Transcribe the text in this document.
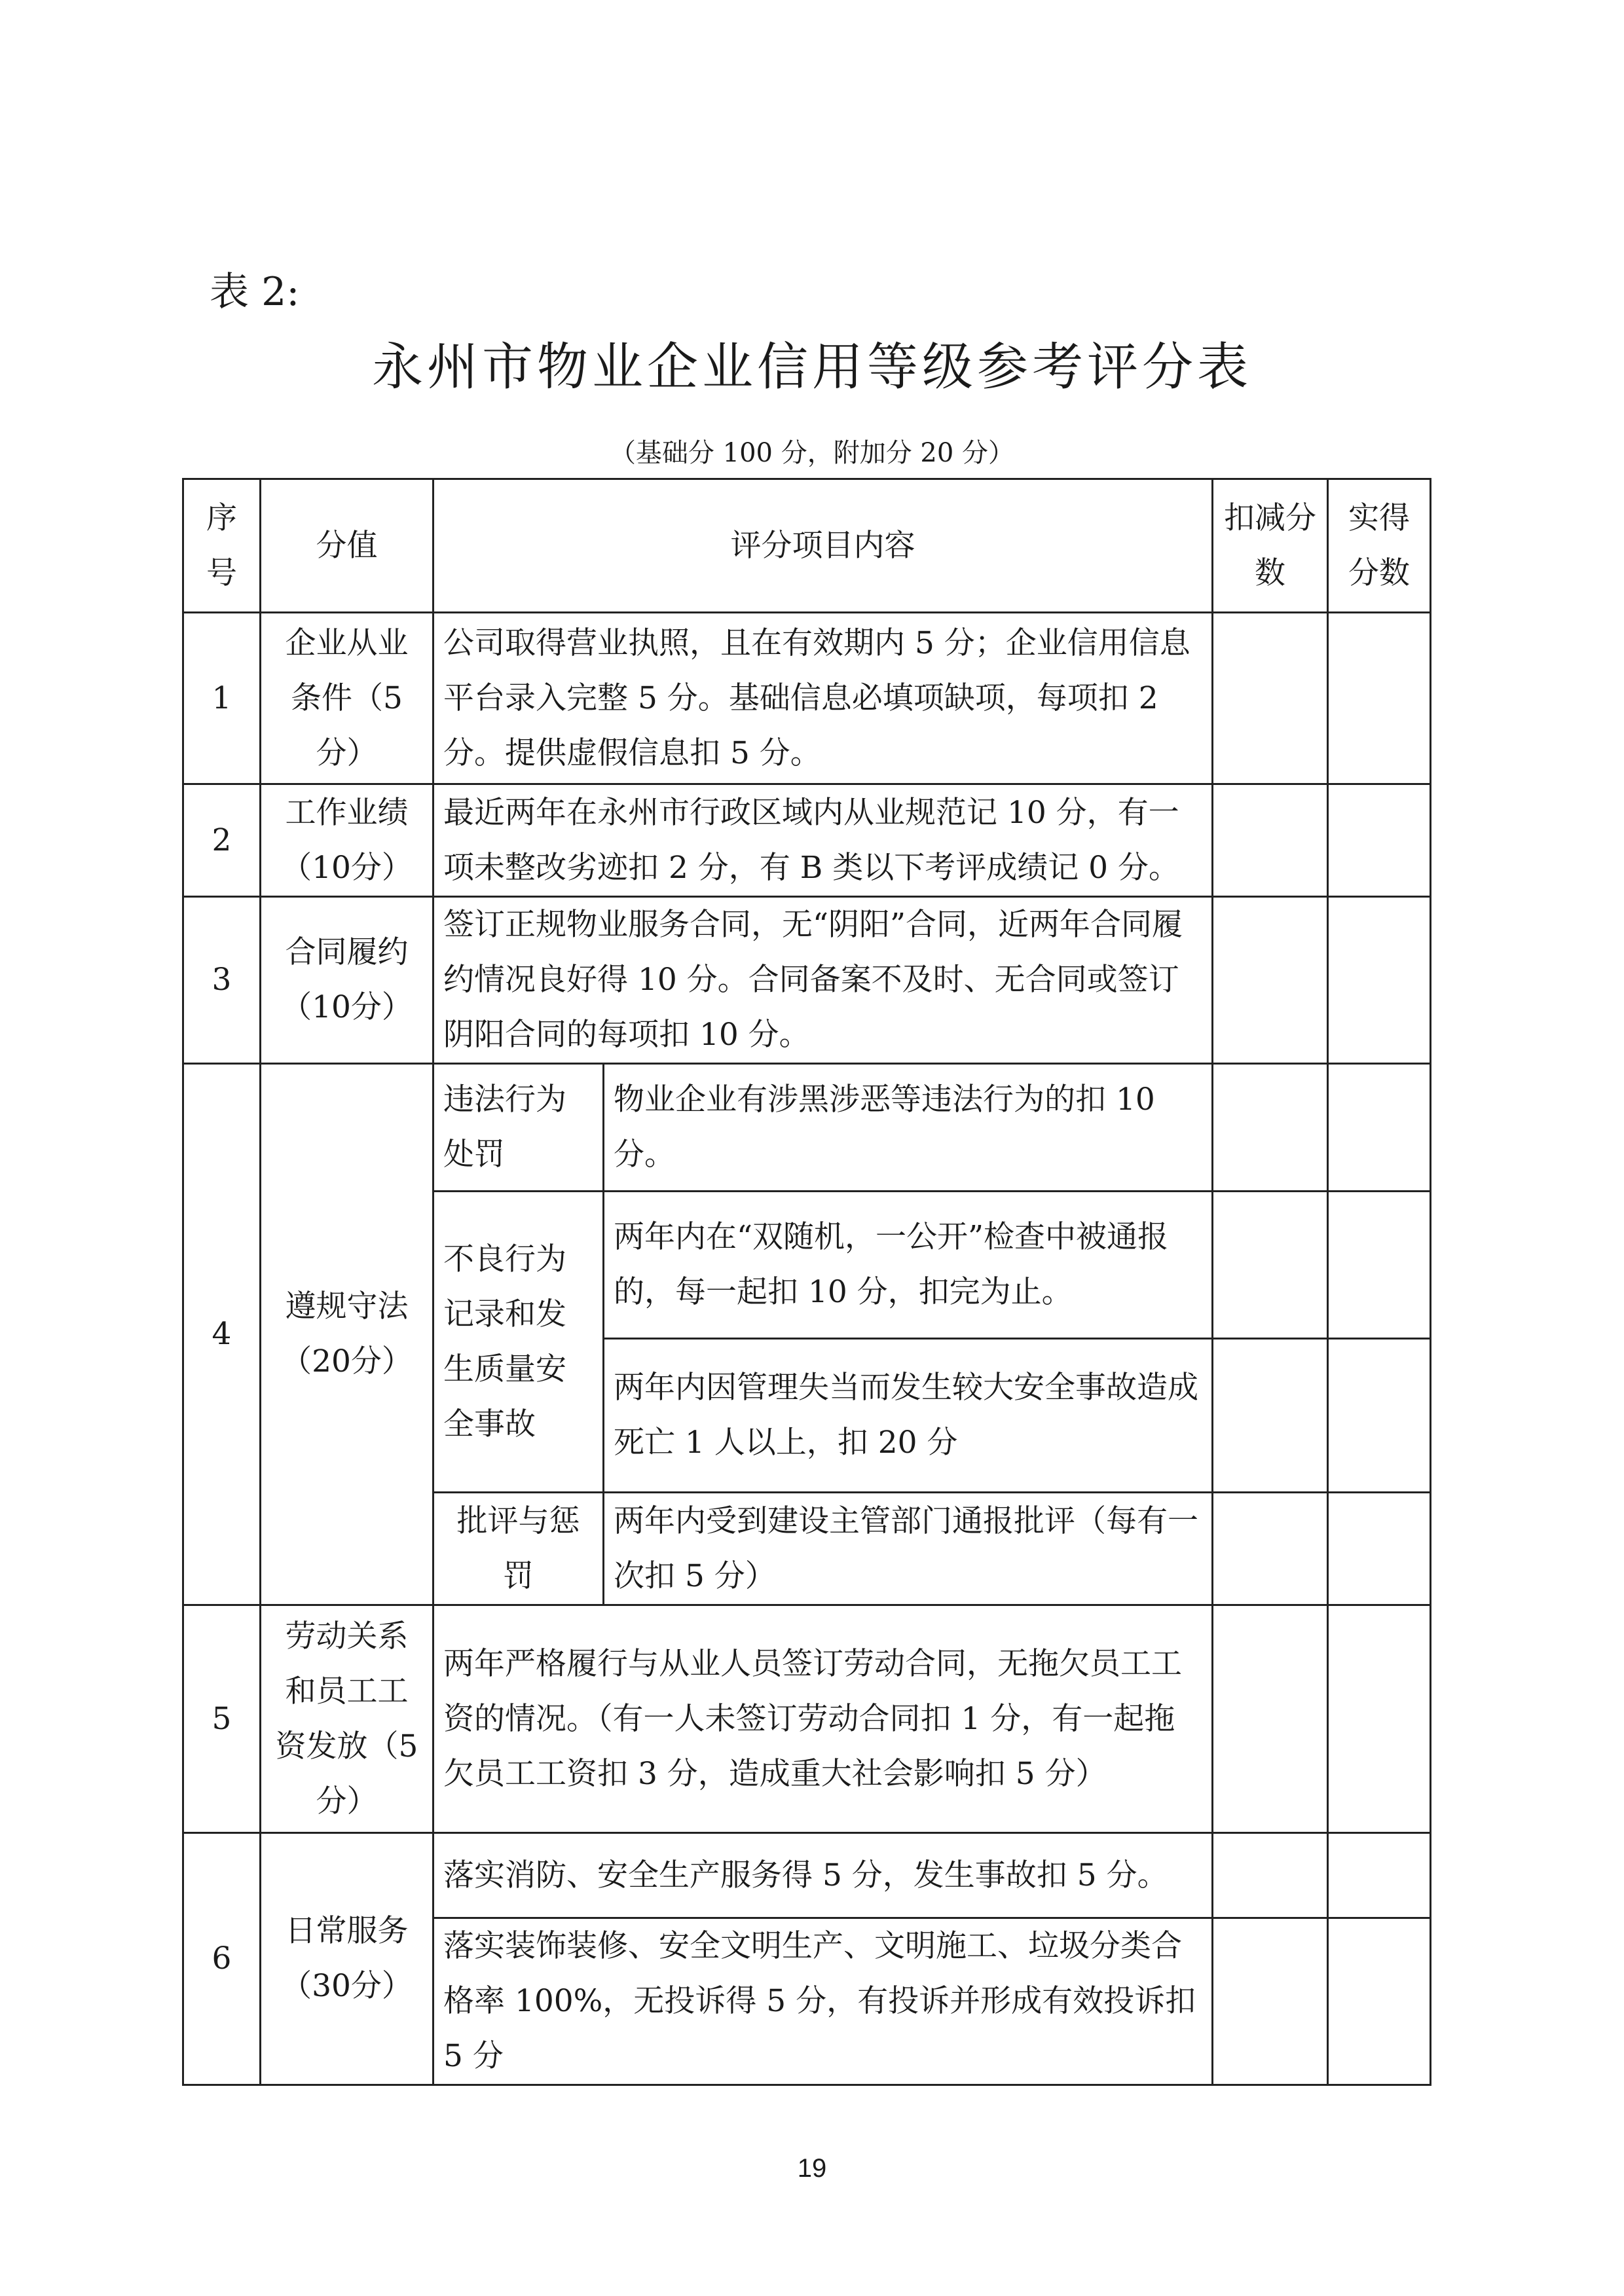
表 2:
永州市物业企业信用等级参考评分表
（基础分 100 分，附加分 20 分）
序号	分值	评分项目内容		扣减分数	实得分数
1	企业从业条件（5分）	公司取得营业执照，且在有效期内 5 分；企业信用信息平台录入完整 5 分。基础信息必填项缺项，每项扣 2 分。提供虚假信息扣 5 分。			
2	工作业绩（10分）	最近两年在永州市行政区域内从业规范记 10 分，有一项未整改劣迹扣 2 分，有 B 类以下考评成绩记 0 分。			
3	合同履约（10分）	签订正规物业服务合同，无“阴阳”合同，近两年合同履约情况良好得 10 分。合同备案不及时、无合同或签订阴阳合同的每项扣 10 分。			
4	遵规守法（20分）	违法行为处罚	物业企业有涉黑涉恶等违法行为的扣 10 分。		
		不良行为记录和发生质量安全事故	两年内在“双随机，一公开”检查中被通报的，每一起扣 10 分，扣完为止。		
			两年内因管理失当而发生较大安全事故造成死亡 1 人以上，扣 20 分		
		批评与惩罚	两年内受到建设主管部门通报批评（每有一次扣 5 分）		
5	劳动关系和员工工资发放（5分）	两年严格履行与从业人员签订劳动合同，无拖欠员工工资的情况。（有一人未签订劳动合同扣 1 分，有一起拖欠员工工资扣 3 分，造成重大社会影响扣 5 分）			
6	日常服务（30分）	落实消防、安全生产服务得 5 分，发生事故扣 5 分。			
		落实装饰装修、安全文明生产、文明施工、垃圾分类合格率 100%，无投诉得 5 分，有投诉并形成有效投诉扣 5 分			
19
